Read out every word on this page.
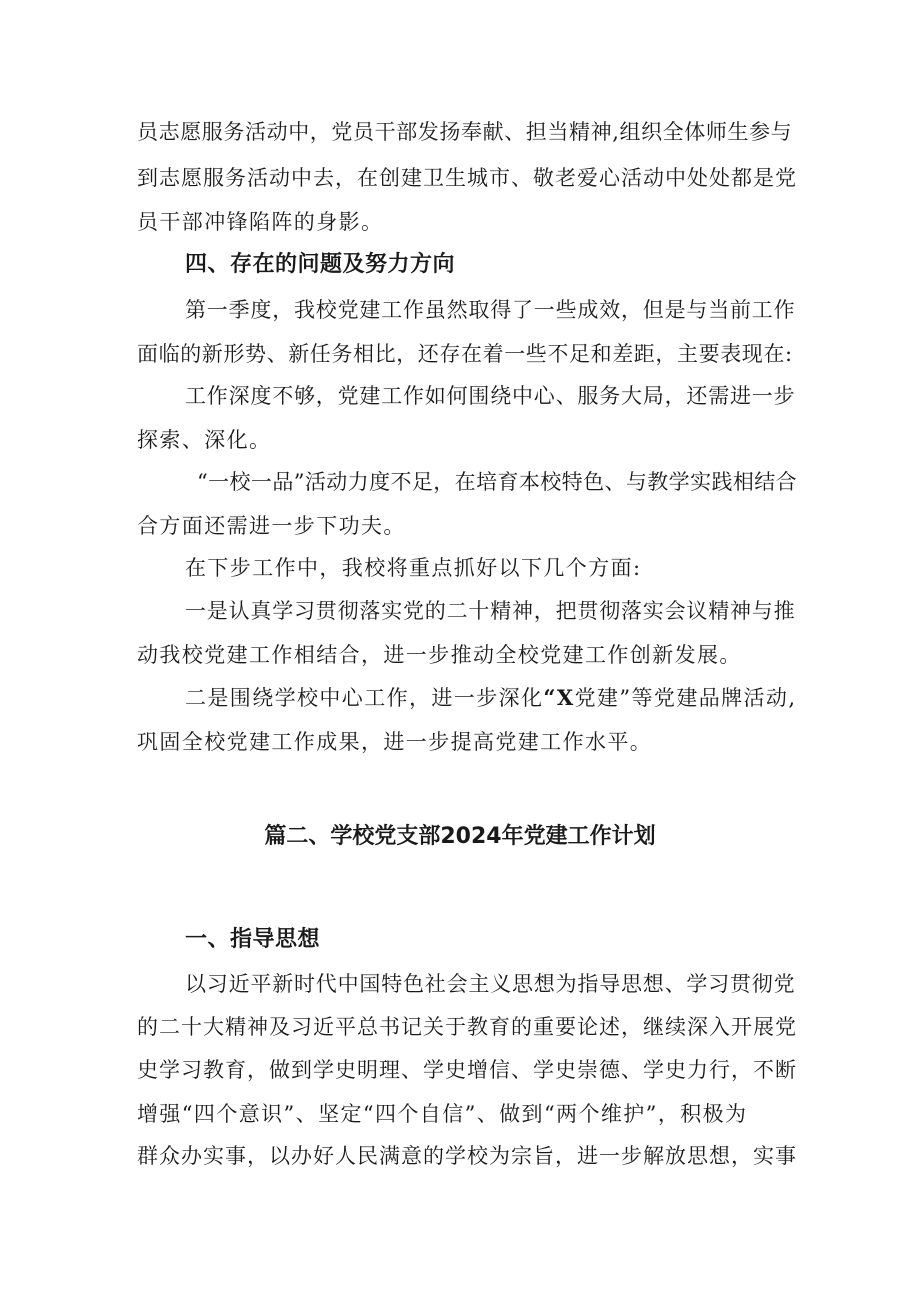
员志愿服务活动中，党员干部发扬奉献、担当精神,组织全体师生参与
到志愿服务活动中去，在创建卫生城市、敬老爱心活动中处处都是党
员干部冲锋陷阵的身影。
四、存在的问题及努力方向
第一季度，我校党建工作虽然取得了一些成效，但是与当前工作
面临的新形势、新任务相比，还存在着一些不足和差距，主要表现在:
工作深度不够，党建工作如何围绕中心、服务大局，还需进一步
探索、深化。
“一校一品”活动力度不足，在培育本校特色、与教学实践相结合
合方面还需进一步下功夫。
在下步工作中，我校将重点抓好以下几个方面:
一是认真学习贯彻落实党的二十精神，把贯彻落实会议精神与推
动我校党建工作相结合，进一步推动全校党建工作创新发展。
二是围绕学校中心工作，进一步深化“X党建”等党建品牌活动,
巩固全校党建工作成果，进一步提高党建工作水平。
篇二、学校党支部2024年党建工作计划
一、指导思想
以习近平新时代中国特色社会主义思想为指导思想、学习贯彻党
的二十大精神及习近平总书记关于教育的重要论述，继续深入开展党
史学习教育，做到学史明理、学史增信、学史崇德、学史力行，不断
增强“四个意识”、坚定“四个自信”、做到“两个维护”，积极为
群众办实事，以办好人民满意的学校为宗旨，进一步解放思想，实事
